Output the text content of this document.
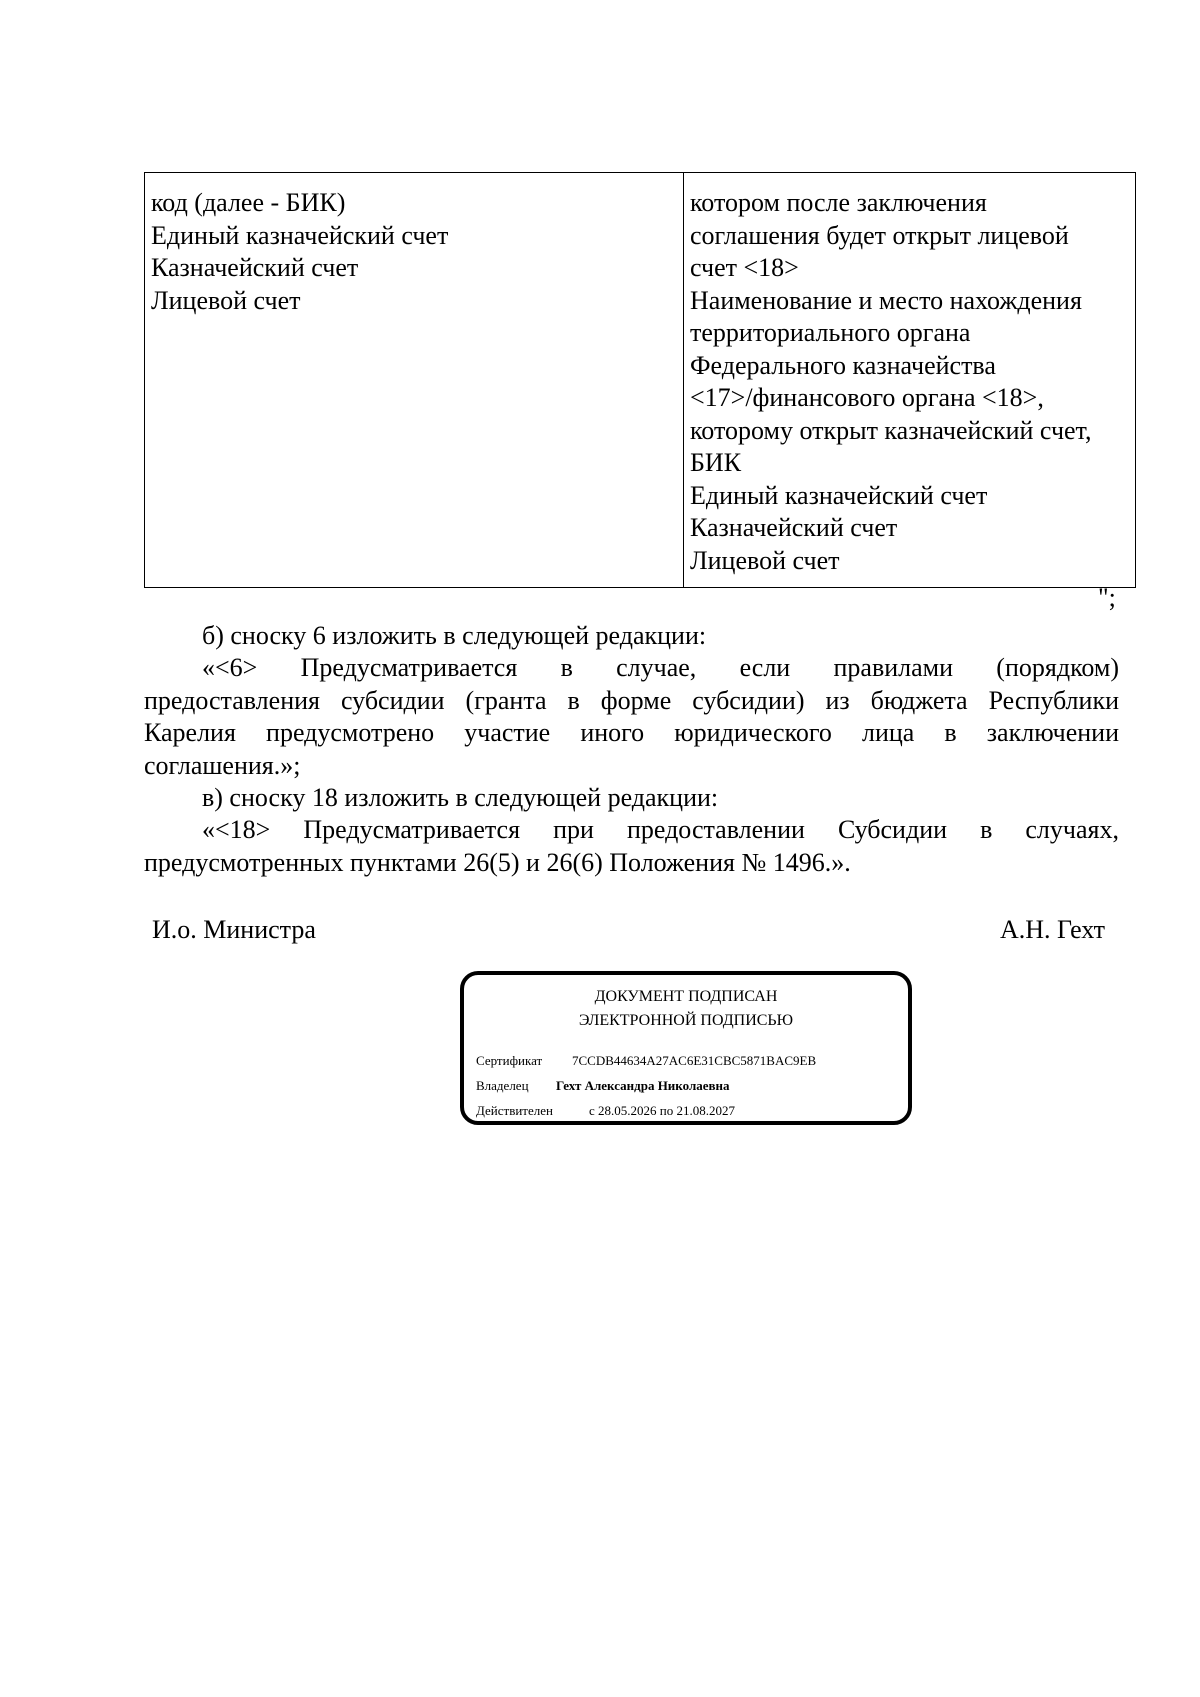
код (далее - БИК)
Единый казначейский счет
Казначейский счет
Лицевой счет

котором после заключения
соглашения будет открыт лицевой
счет <18>
Наименование и место нахождения
территориального органа
Федерального казначейства
<17>/финансового органа <18>,
которому открыт казначейский счет,
БИК
Единый казначейский счет
Казначейский счет
Лицевой счет
";
б) сноску 6 изложить в следующей редакции:
«<6> Предусматривается в случае, если правилами (порядком)
предоставления субсидии (гранта в форме субсидии) из бюджета Республики
Карелия предусмотрено участие иного юридического лица в заключении
соглашения.»;
в) сноску 18 изложить в следующей редакции:
«<18> Предусматривается при предоставлении Субсидии в случаях,
предусмотренных пунктами 26(5) и 26(6) Положения № 1496.».
И.о. Министра	А.Н. Гехт
ДОКУМЕНТ ПОДПИСАН
ЭЛЕКТРОННОЙ ПОДПИСЬЮ
Сертификат 7CCDB44634A27AC6E31CBC5871BAC9EB
Владелец Гехт Александра Николаевна
Действителен	с 28.05.2026 по 21.08.2027
